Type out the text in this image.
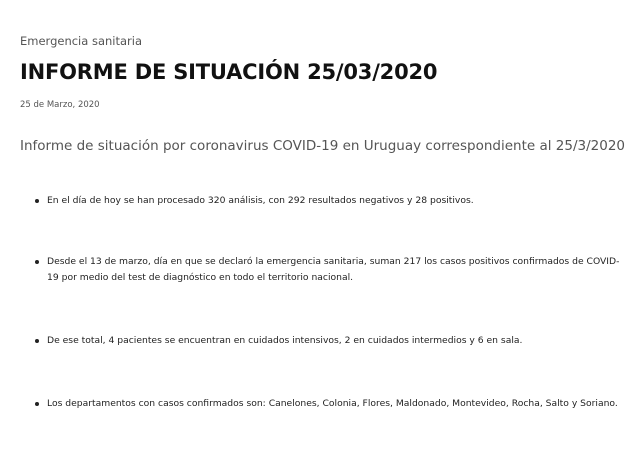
Emergencia sanitaria
INFORME DE SITUACIÓN 25/03/2020
25 de Marzo, 2020

Informe de situación por coronavirus COVID-19 en Uruguay correspondiente al 25/3/2020

En el día de hoy se han procesado 320 análisis, con 292 resultados negativos y 28 positivos.
Desde el 13 de marzo, día en que se declaró la emergencia sanitaria, suman 217 los casos positivos confirmados de COVID-19 por medio del test de diagnóstico en todo el territorio nacional.
De ese total, 4 pacientes se encuentran en cuidados intensivos, 2 en cuidados intermedios y 6 en sala.
Los departamentos con casos confirmados son: Canelones, Colonia, Flores, Maldonado, Montevideo, Rocha, Salto y Soriano.
